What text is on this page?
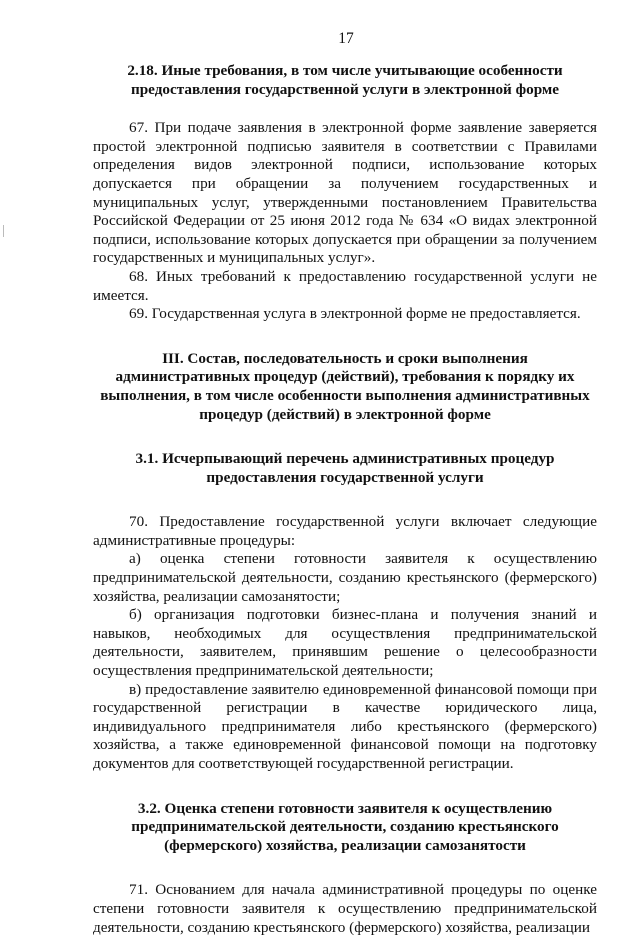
17
2.18. Иные требования, в том числе учитывающие особенности
предоставления государственной услуги в электронной форме

67. При подаче заявления в электронной форме заявление заверяется простой электронной подписью заявителя в соответствии с Правилами определения видов электронной подписи, использование которых допускается при обращении за получением государственных и муниципальных услуг, утвержденными постановлением Правительства Российской Федерации от 25 июня 2012 года № 634 «О видах электронной подписи, использование которых допускается при обращении за получением государственных и муниципальных услуг».

68. Иных требований к предоставлению государственной услуги не имеется.

69. Государственная услуга в электронной форме не предоставляется.

III. Состав, последовательность и сроки выполнения
административных процедур (действий), требования к порядку их
выполнения, в том числе особенности выполнения административных
процедур (действий) в электронной форме
3.1. Исчерпывающий перечень административных процедур
предоставления государственной услуги

70. Предоставление государственной услуги включает следующие административные процедуры:

а) оценка степени готовности заявителя к осуществлению предпринимательской деятельности, созданию крестьянского (фермерского) хозяйства, реализации самозанятости;

б) организация подготовки бизнес-плана и получения знаний и навыков, необходимых для осуществления предпринимательской деятельности, заявителем, принявшим решение о целесообразности осуществления предпринимательской деятельности;

в) предоставление заявителю единовременной финансовой помощи при государственной регистрации в качестве юридического лица, индивидуального предпринимателя либо крестьянского (фермерского) хозяйства, а также единовременной финансовой помощи на подготовку документов для соответствующей государственной регистрации.

3.2. Оценка степени готовности заявителя к осуществлению
предпринимательской деятельности, созданию крестьянского
(фермерского) хозяйства, реализации самозанятости

71. Основанием для начала административной процедуры по оценке степени готовности заявителя к осуществлению предпринимательской деятельности, созданию крестьянского (фермерского) хозяйства, реализации
